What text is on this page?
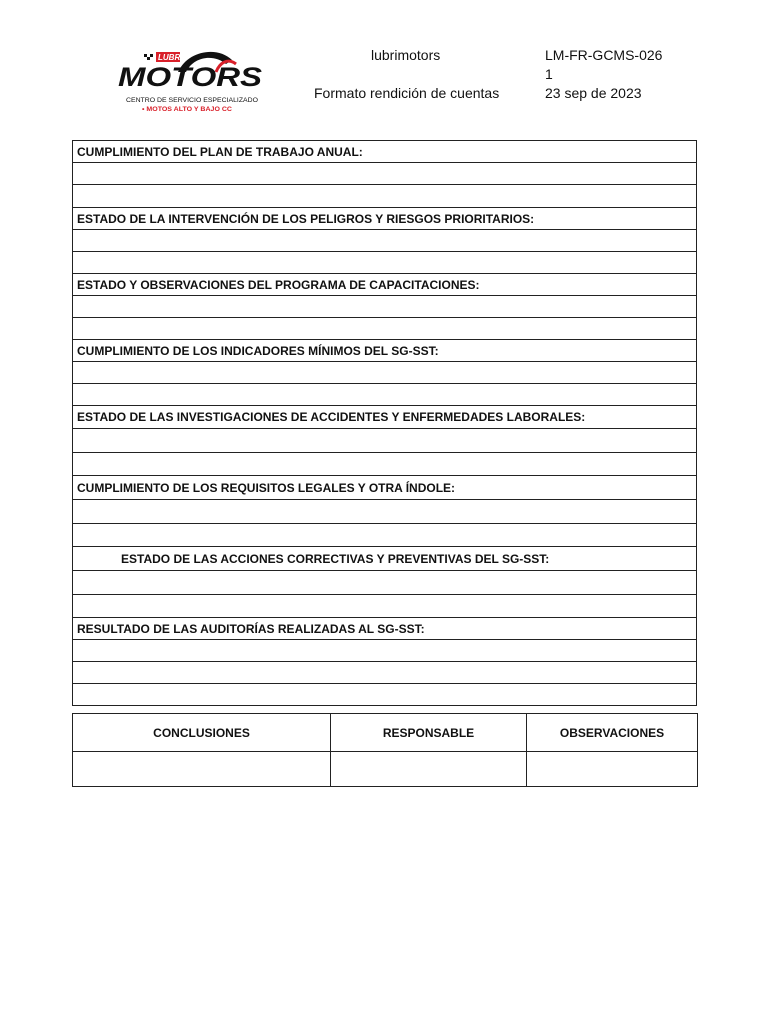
LUBRI
MOTORS
CENTRO DE SERVICIO ESPECIALIZADO
• MOTOS ALTO Y BAJO CC
lubrimotors
Formato rendición de cuentas
LM-FR-GCMS-026
1
23 sep de 2023
CUMPLIMIENTO DEL PLAN DE TRABAJO ANUAL:

ESTADO DE LA INTERVENCIÓN DE LOS PELIGROS Y RIESGOS PRIORITARIOS:

ESTADO Y OBSERVACIONES DEL PROGRAMA DE CAPACITACIONES:

CUMPLIMIENTO DE LOS INDICADORES MÍNIMOS DEL SG-SST:

ESTADO DE LAS INVESTIGACIONES DE ACCIDENTES Y ENFERMEDADES LABORALES:

CUMPLIMIENTO DE LOS REQUISITOS LEGALES Y OTRA ÍNDOLE:

ESTADO DE LAS ACCIONES CORRECTIVAS Y PREVENTIVAS DEL SG-SST:

RESULTADO DE LAS AUDITORÍAS REALIZADAS AL SG-SST:

CONCLUSIONES	RESPONSABLE	OBSERVACIONES
